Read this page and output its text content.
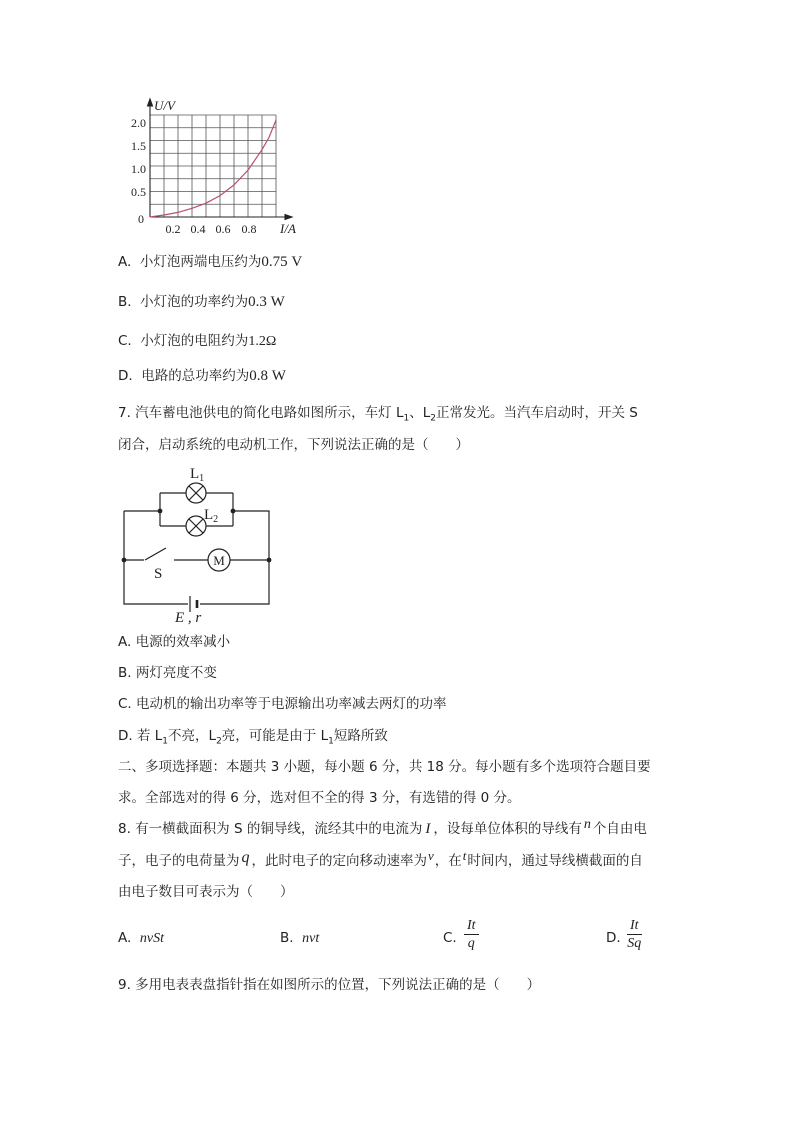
U/V
I/A
0
2.0
1.5
1.0
0.5
0.2 0.4 0.6 0.8
A. 小灯泡两端电压约为0.75 V
B. 小灯泡的功率约为0.3 W
C. 小灯泡的电阻约为1.2Ω
D. 电路的总功率约为0.8 W
7. 汽车蓄电池供电的简化电路如图所示，车灯 $L_1$、$L_2$正常发光。当汽车启动时，开关 S
闭合，启动系统的电动机工作，下列说法正确的是（　　）
M
$L_1$
$L_2$
S
E , r
A. 电源的效率减小
B. 两灯亮度不变
C. 电动机的输出功率等于电源输出功率减去两灯的功率
D. 若 $L_1$不亮，$L_2$亮，可能是由于 $L_1$短路所致
二、多项选择题：本题共 3 小题，每小题 6 分，共 18 分。每小题有多个选项符合题目要
求。全部选对的得 6 分，选对但不全的得 3 分，有选错的得 0 分。
8. 有一横截面积为 S 的铜导线，流经其中的电流为 I ，设每单位体积的导线有 n 个自由电
子，电子的电荷量为 q ，此时电子的定向移动速率为v，在t时间内，通过导线横截面的自
由电子数目可表示为（　　）
A. nvSt	B. nvt	C. $\frac{It}{q}$	D. $\frac{It}{Sq}$
9. 多用电表表盘指针指在如图所示的位置，下列说法正确的是（　　）
